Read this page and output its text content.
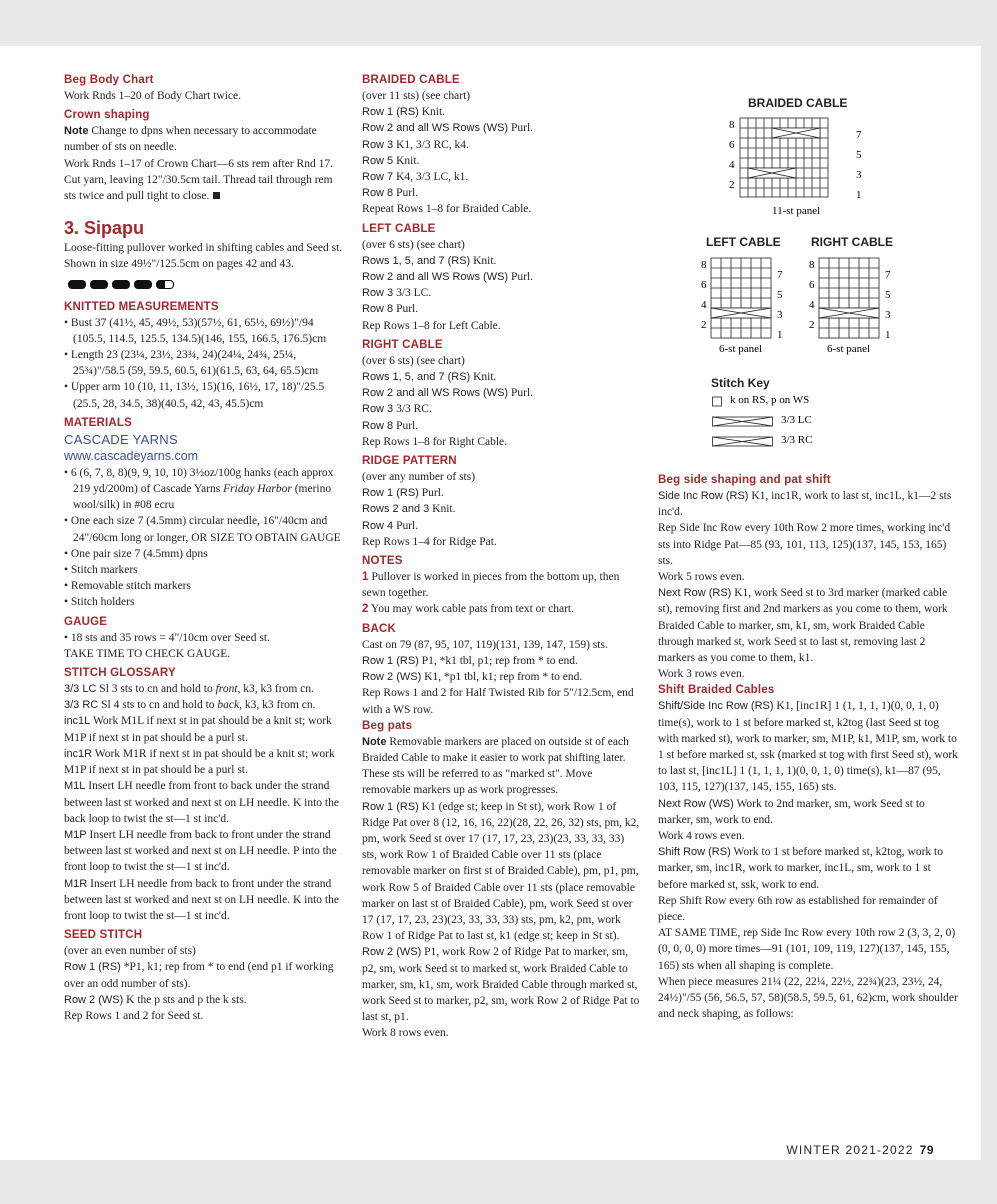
Beg Body Chart

Work Rnds 1–20 of Body Chart twice.

Crown shaping

Note Change to dpns when necessary to accommodate number of sts on needle.

Work Rnds 1–17 of Crown Chart—6 sts rem after Rnd 17.

Cut yarn, leaving 12"/30.5cm tail. Thread tail through rem sts twice and pull tight to close.

3. Sipapu

Loose-fitting pullover worked in shifting cables and Seed st. Shown in size 49½"/125.5cm on pages 42 and 43.

KNITTED MEASUREMENTS
• Bust 37 (41½, 45, 49½, 53)(57½, 61, 65½, 69½)"/94 (105.5, 114.5, 125.5, 134.5)(146, 155, 166.5, 176.5)cm
• Length 23 (23¼, 23½, 23¾, 24)(24¼, 24¾, 25¼, 25¾)"/58.5 (59, 59.5, 60.5, 61)(61.5, 63, 64, 65.5)cm
• Upper arm 10 (10, 11, 13½, 15)(16, 16½, 17, 18)"/25.5 (25.5, 28, 34.5, 38)(40.5, 42, 43, 45.5)cm
MATERIALS
CASCADE YARNS
www.cascadeyarns.com
• 6 (6, 7, 8, 8)(9, 9, 10, 10) 3½oz/100g hanks (each approx 219 yd/200m) of Cascade Yarns Friday Harbor (merino wool/silk) in #08 ecru
• One each size 7 (4.5mm) circular needle, 16"/40cm and 24"/60cm long or longer, OR SIZE TO OBTAIN GAUGE
• One pair size 7 (4.5mm) dpns
• Stitch markers
• Removable stitch markers
• Stitch holders
GAUGE
• 18 sts and 35 rows = 4"/10cm over Seed st.

TAKE TIME TO CHECK GAUGE.

STITCH GLOSSARY

3/3 LC Sl 3 sts to cn and hold to front, k3, k3 from cn.

3/3 RC Sl 4 sts to cn and hold to back, k3, k3 from cn.

inc1L Work M1L if next st in pat should be a knit st; work M1P if next st in pat should be a purl st.

inc1R Work M1R if next st in pat should be a knit st; work M1P if next st in pat should be a purl st.

M1L Insert LH needle from front to back under the strand between last st worked and next st on LH needle. K into the back loop to twist the st—1 st inc'd.

M1P Insert LH needle from back to front under the strand between last st worked and next st on LH needle. P into the front loop to twist the st—1 st inc'd.

M1R Insert LH needle from back to front under the strand between last st worked and next st on LH needle. K into the front loop to twist the st—1 st inc'd.

SEED STITCH

(over an even number of sts)

Row 1 (RS) *P1, k1; rep from * to end (end p1 if working over an odd number of sts).

Row 2 (WS) K the p sts and p the k sts.

Rep Rows 1 and 2 for Seed st.

BRAIDED CABLE

(over 11 sts) (see chart)

Row 1 (RS) Knit.

Row 2 and all WS Rows (WS) Purl.

Row 3 K1, 3/3 RC, k4.

Row 5 Knit.

Row 7 K4, 3/3 LC, k1.

Row 8 Purl.

Repeat Rows 1–8 for Braided Cable.

LEFT CABLE

(over 6 sts) (see chart)

Rows 1, 5, and 7 (RS) Knit.

Row 2 and all WS Rows (WS) Purl.

Row 3 3/3 LC.

Row 8 Purl.

Rep Rows 1–8 for Left Cable.

RIGHT CABLE

(over 6 sts) (see chart)

Rows 1, 5, and 7 (RS) Knit.

Row 2 and all WS Rows (WS) Purl.

Row 3 3/3 RC.

Row 8 Purl.

Rep Rows 1–8 for Right Cable.

RIDGE PATTERN

(over any number of sts)

Row 1 (RS) Purl.

Rows 2 and 3 Knit.

Row 4 Purl.

Rep Rows 1–4 for Ridge Pat.

NOTES

1 Pullover is worked in pieces from the bottom up, then sewn together.

2 You may work cable pats from text or chart.

BACK

Cast on 79 (87, 95, 107, 119)(131, 139, 147, 159) sts.

Row 1 (RS) P1, *k1 tbl, p1; rep from * to end.

Row 2 (WS) K1, *p1 tbl, k1; rep from * to end.

Rep Rows 1 and 2 for Half Twisted Rib for 5"/12.5cm, end with a WS row.

Beg pats

Note Removable markers are placed on outside st of each Braided Cable to make it easier to work pat shifting later. These sts will be referred to as "marked st". Move removable markers up as work progresses.

Row 1 (RS) K1 (edge st; keep in St st), work Row 1 of Ridge Pat over 8 (12, 16, 16, 22)(28, 22, 26, 32) sts, pm, k2, pm, work Seed st over 17 (17, 17, 23, 23)(23, 33, 33, 33) sts, work Row 1 of Braided Cable over 11 sts (place removable marker on first st of Braided Cable), pm, p1, pm, work Row 5 of Braided Cable over 11 sts (place removable marker on last st of Braided Cable), pm, work Seed st over 17 (17, 17, 23, 23)(23, 33, 33, 33) sts, pm, k2, pm, work Row 1 of Ridge Pat to last st, k1 (edge st; keep in St st).

Row 2 (WS) P1, work Row 2 of Ridge Pat to marker, sm, p2, sm, work Seed st to marked st, work Braided Cable to marker, sm, k1, sm, work Braided Cable through marked st, work Seed st to marker, p2, sm, work Row 2 of Ridge Pat to last st, p1.

Work 8 rows even.

BRAIDED CABLE
8
6
4
2
7
5
3
1
11-st panel
LEFT CABLE
8
6
4
2
7
5
3
1
6-st panel
RIGHT CABLE
8
6
4
2
7
5
3
1
6-st panel
Stitch Key
k on RS, p on WS
3/3 LC
3/3 RC
Beg side shaping and pat shift

Side Inc Row (RS) K1, inc1R, work to last st, inc1L, k1—2 sts inc'd.

Rep Side Inc Row every 10th Row 2 more times, working inc'd sts into Ridge Pat—85 (93, 101, 113, 125)(137, 145, 153, 165) sts.

Work 5 rows even.

Next Row (RS) K1, work Seed st to 3rd marker (marked cable st), removing first and 2nd markers as you come to them, work Braided Cable to marker, sm, k1, sm, work Braided Cable through marked st, work Seed st to last st, removing last 2 markers as you come to them, k1.

Work 3 rows even.

Shift Braided Cables

Shift/Side Inc Row (RS) K1, [inc1R] 1 (1, 1, 1, 1)(0, 0, 1, 0) time(s), work to 1 st before marked st, k2tog (last Seed st tog with marked st), work to marker, sm, M1P, k1, M1P, sm, work to 1 st before marked st, ssk (marked st tog with first Seed st), work to last st, [inc1L] 1 (1, 1, 1, 1)(0, 0, 1, 0) time(s), k1—87 (95, 103, 115, 127)(137, 145, 155, 165) sts.

Next Row (WS) Work to 2nd marker, sm, work Seed st to marker, sm, work to end.

Work 4 rows even.

Shift Row (RS) Work to 1 st before marked st, k2tog, work to marker, sm, inc1R, work to marker, inc1L, sm, work to 1 st before marked st, ssk, work to end.

Rep Shift Row every 6th row as established for remainder of piece.

AT SAME TIME, rep Side Inc Row every 10th row 2 (3, 3, 2, 0)(0, 0, 0, 0) more times—91 (101, 109, 119, 127)(137, 145, 155, 165) sts when all shaping is complete.

When piece measures 21¼ (22, 22¼, 22½, 22¾)(23, 23½, 24, 24½)"/55 (56, 56.5, 57, 58)(58.5, 59.5, 61, 62)cm, work shoulder and neck shaping, as follows:

WINTER 2021-2022 79
